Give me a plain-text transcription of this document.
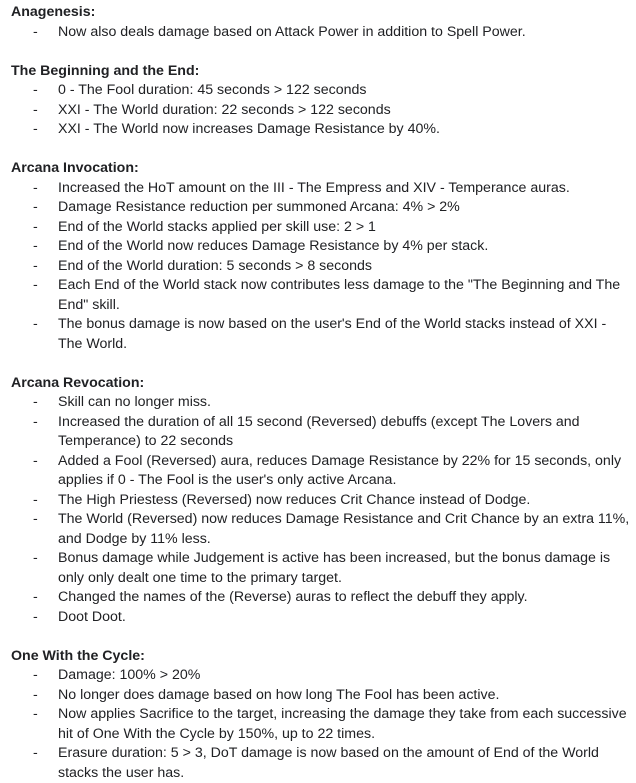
Anagenesis:

-	Now also deals damage based on Attack Power in addition to Spell Power.

The Beginning and the End:

-	0 - The Fool duration: 45 seconds > 122 seconds
-	XXI - The World duration: 22 seconds > 122 seconds
-	XXI - The World now increases Damage Resistance by 40%.

Arcana Invocation:

-	Increased the HoT amount on the III - The Empress and XIV - Temperance auras.
-	Damage Resistance reduction per summoned Arcana: 4% > 2%
-	End of the World stacks applied per skill use: 2 > 1
-	End of the World now reduces Damage Resistance by 4% per stack.
-	End of the World duration: 5 seconds > 8 seconds
-	Each End of the World stack now contributes less damage to the "The Beginning and The End" skill.
-	The bonus damage is now based on the user's End of the World stacks instead of XXI - The World.

Arcana Revocation:

-	Skill can no longer miss.
-	Increased the duration of all 15 second (Reversed) debuffs (except The Lovers and Temperance) to 22 seconds
-	Added a Fool (Reversed) aura, reduces Damage Resistance by 22% for 15 seconds, only applies if 0 - The Fool is the user's only active Arcana.
-	The High Priestess (Reversed) now reduces Crit Chance instead of Dodge.
-	The World (Reversed) now reduces Damage Resistance and Crit Chance by an extra 11%, and Dodge by 11% less.
-	Bonus damage while Judgement is active has been increased, but the bonus damage is only only dealt one time to the primary target.
-	Changed the names of the (Reverse) auras to reflect the debuff they apply.
-	Doot Doot.

One With the Cycle:

-	Damage: 100% > 20%
-	No longer does damage based on how long The Fool has been active.
-	Now applies Sacrifice to the target, increasing the damage they take from each successive hit of One With the Cycle by 150%, up to 22 times.
-	Erasure duration: 5 > 3, DoT damage is now based on the amount of End of the World stacks the user has.
